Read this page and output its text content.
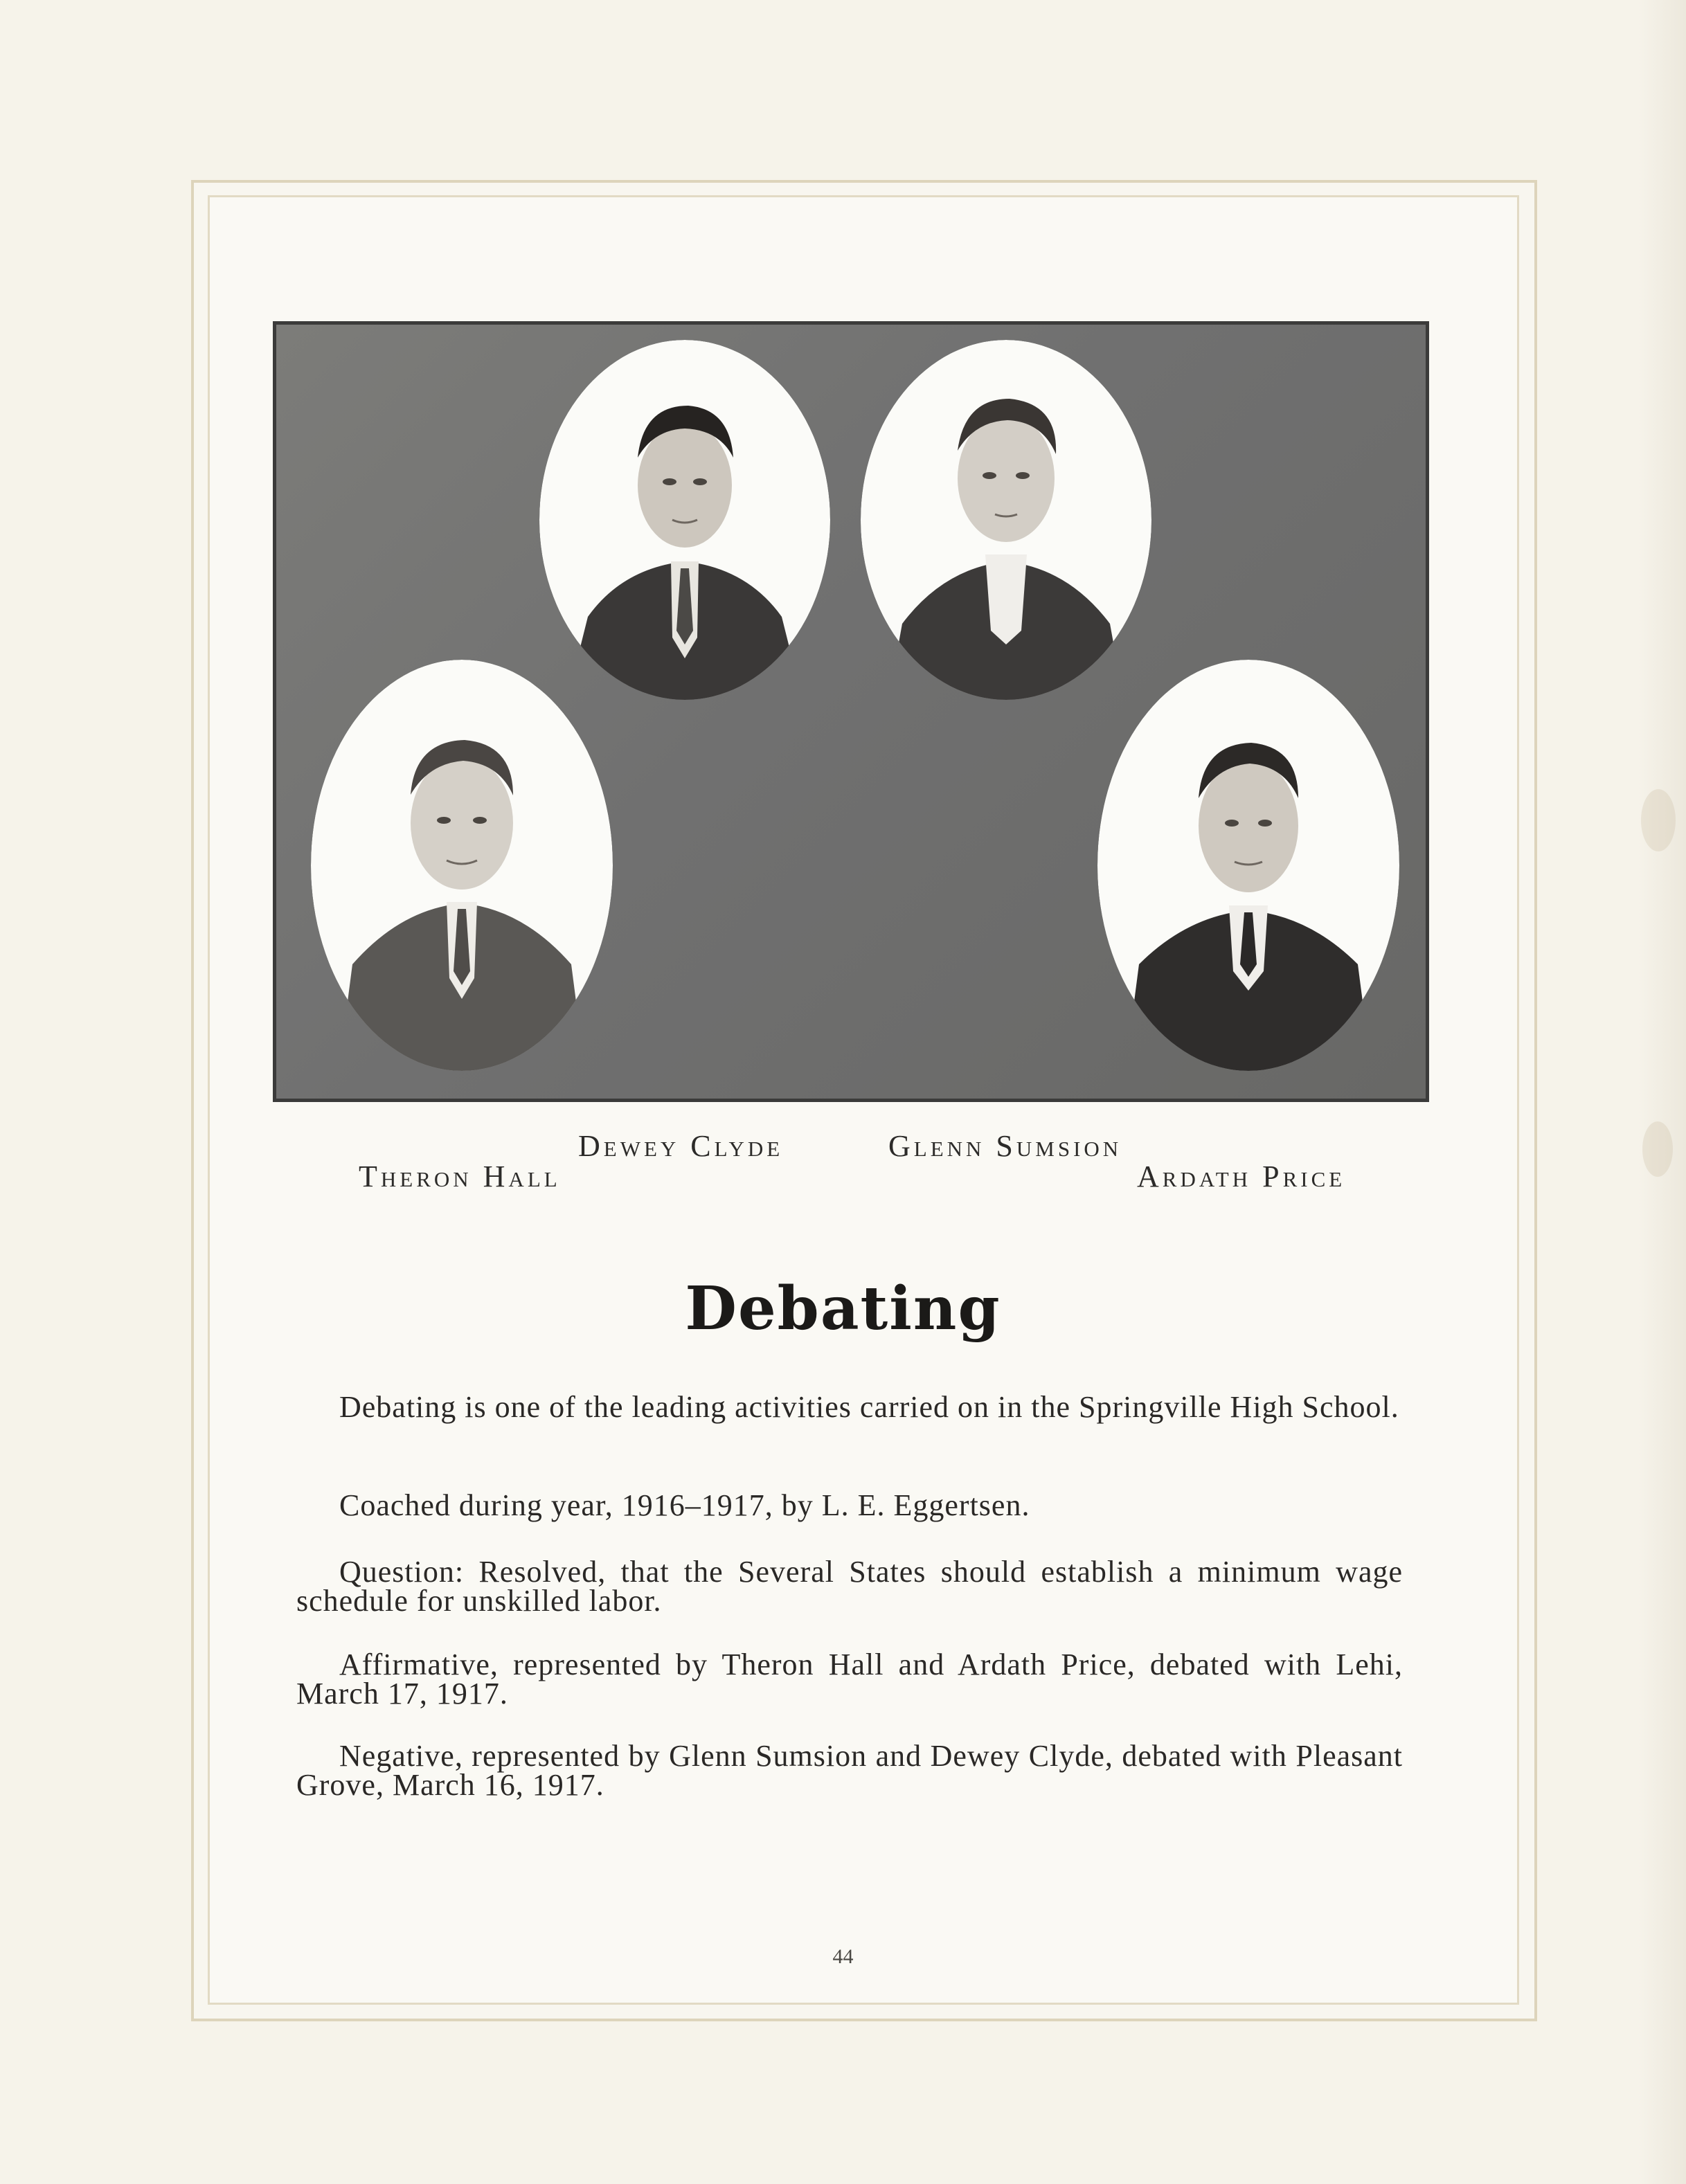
Dewey Clyde	Glenn Sumsion
Theron Hall	Ardath Price
Debating

Debating is one of the leading activities carried on in the Springville High School.

Coached during year, 1916–1917, by L. E. Eggertsen.

Question: Resolved, that the Several States should establish a minimum wage schedule for unskilled labor.

Affirmative, represented by Theron Hall and Ardath Price, debated with Lehi, March 17, 1917.

Negative, represented by Glenn Sumsion and Dewey Clyde, debated with Pleasant Grove, March 16, 1917.

44
